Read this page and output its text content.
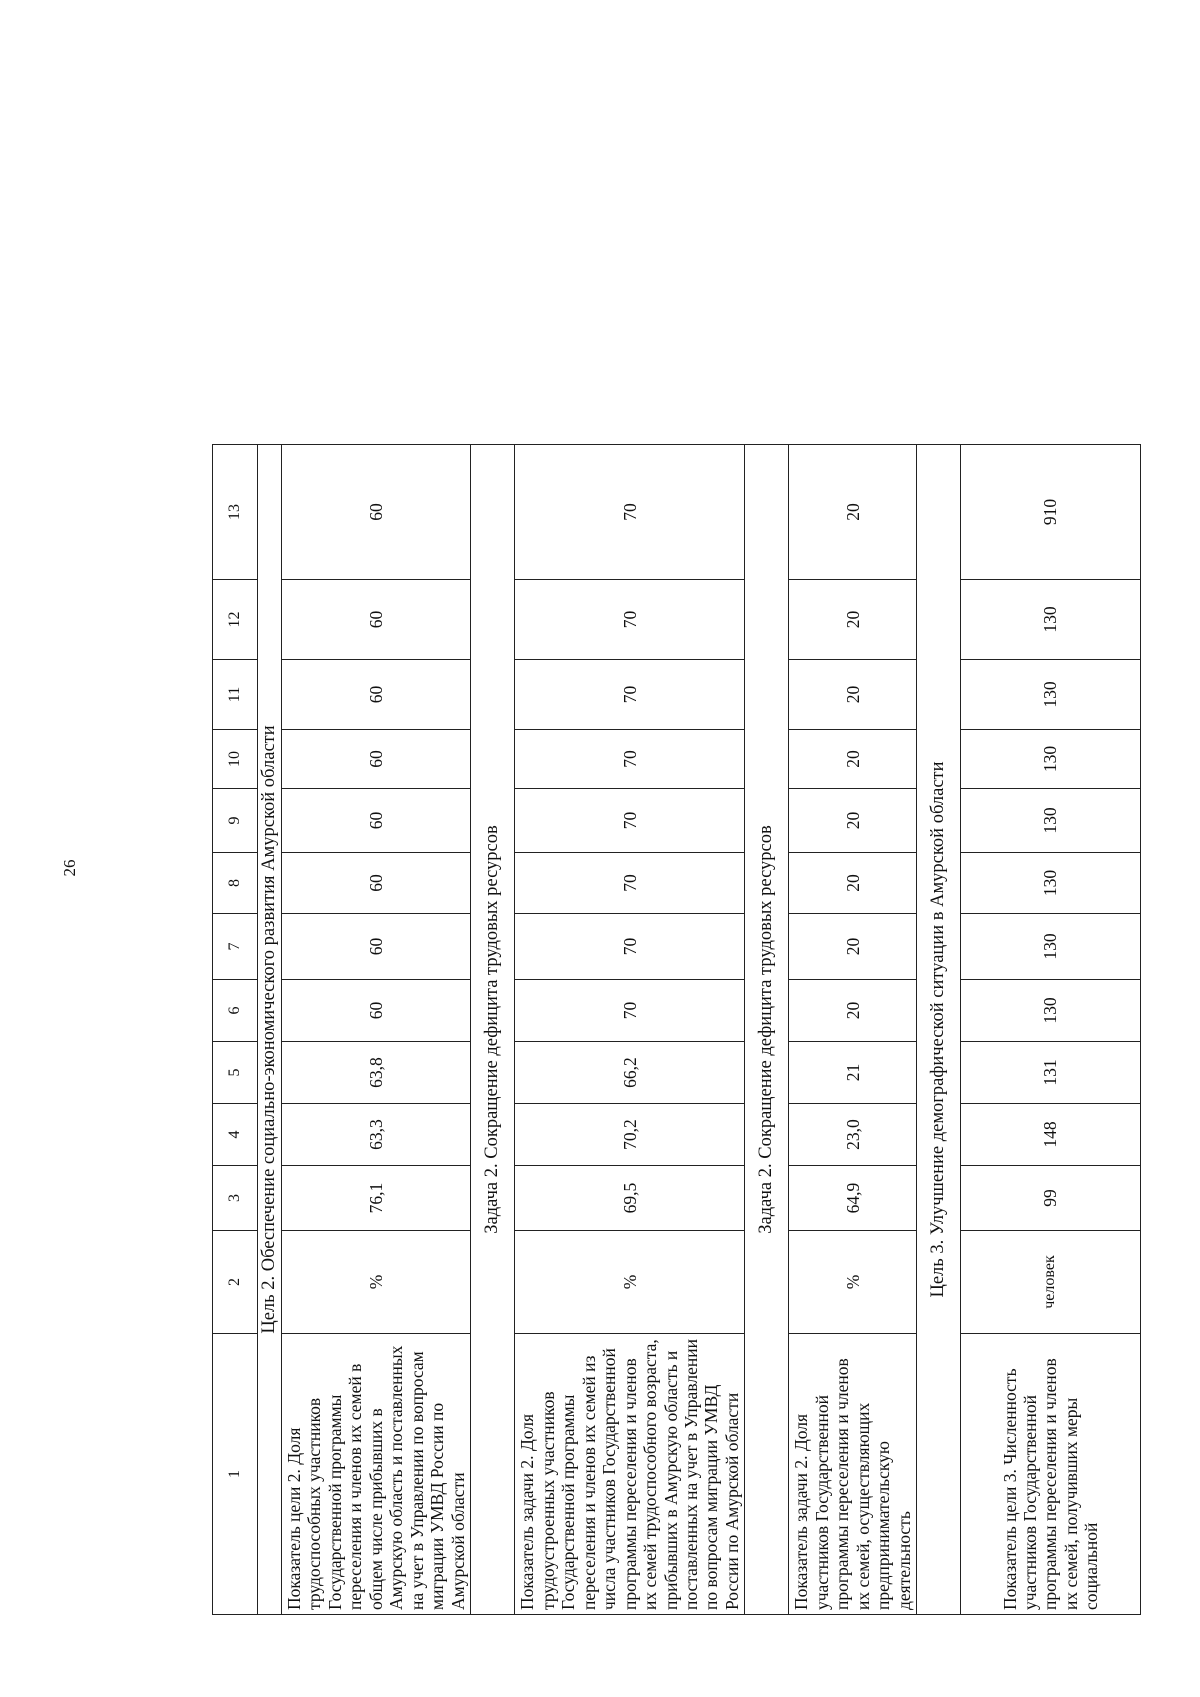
26
1	2	3	4	5	6	7	8	9	10	11	12	13
Цель 2. Обеспечение социально-экономического развития Амурской области												
Показатель цели 2. Доля трудоспособных участников Государственной программы переселения и членов их семей в общем числе прибывших в Амурскую область и поставленных на учет в Управлении по вопросам миграции УМВД России по Амурской области	%	76,1	63,3	63,8	60	60	60	60	60	60	60	60
Задача 2. Сокращение дефицита трудовых ресурсов												
Показатель задачи 2. Доля трудоустроенных участников Государственной программы переселения и членов их семей из числа участников Государственной программы переселения и членов их семей трудоспособного возраста, прибывших в Амурскую область и поставленных на учет в Управлении по вопросам миграции УМВД России по Амурской области	%	69,5	70,2	66,2	70	70	70	70	70	70	70	70
Задача 2. Сокращение дефицита трудовых ресурсов												
Показатель задачи 2. Доля участников Государственной программы переселения и членов их семей, осуществляющих предпринимательскую деятельность	%	64,9	23,0	21	20	20	20	20	20	20	20	20
Цель 3. Улучшение демографической ситуации в Амурской области												
Показатель цели 3. Численность участников Государственной программы переселения и членов их семей, получивших меры социальной	человек	99	148	131	130	130	130	130	130	130	130	910
